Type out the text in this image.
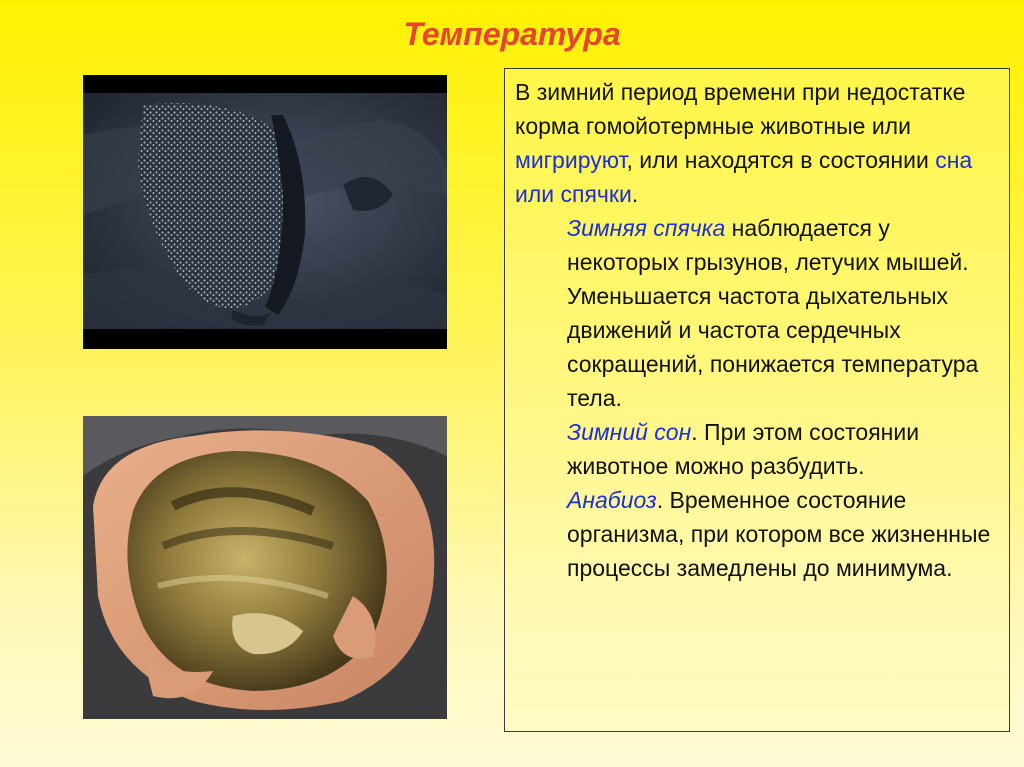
Температура

В зимний период времени при недостатке корма гомойотермные животные или мигрируют, или находятся в состоянии сна или спячки.

Зимняя спячка наблюдается у некоторых грызунов, летучих мышей. Уменьшается частота дыхательных движений и частота сердечных сокращений, понижается температура тела.

Зимний сон. При этом состоянии животное можно разбудить.

Анабиоз. Временное состояние организма, при котором все жизненные процессы замедлены до минимума.
